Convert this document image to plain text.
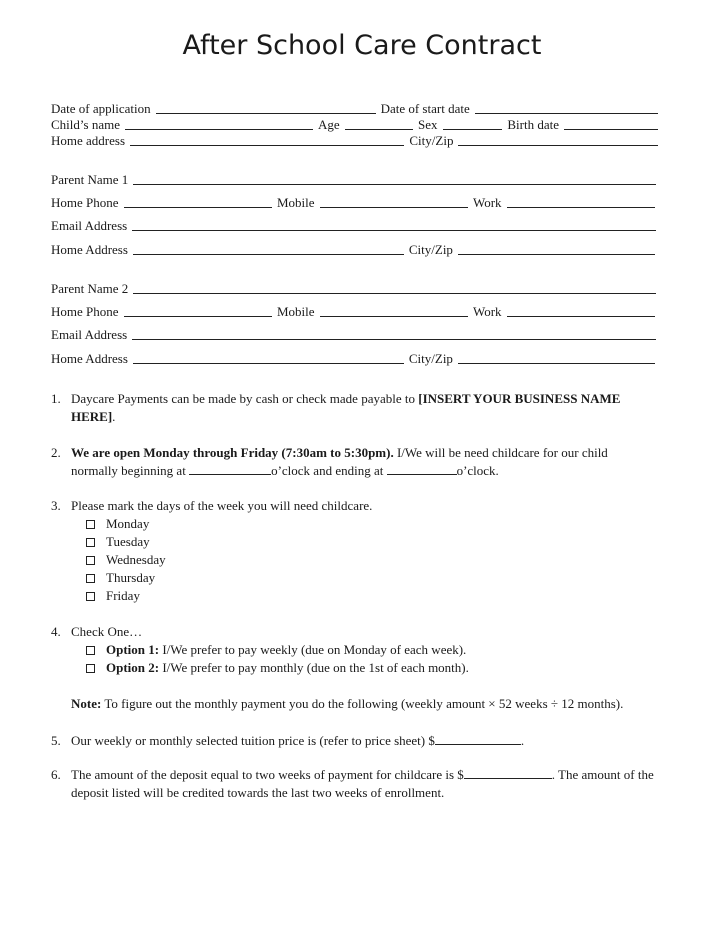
After School Care Contract
Date of application	Date of start date
Child’s name	Age	Sex	Birth date
Home address	City/Zip
Parent Name 1
Home Phone	Mobile	Work
Email Address
Home Address	City/Zip
Parent Name 2
Home Phone	Mobile	Work
Email Address
Home Address	City/Zip
1. Daycare Payments can be made by cash or check made payable to [INSERT YOUR BUSINESS NAME HERE].
2. We are open Monday through Friday (7:30am to 5:30pm). I/We will be need childcare for our child normally beginning at	o’clock and ending at	o’clock.
3. Please mark the days of the week you will need childcare.
Monday
Tuesday
Wednesday
Thursday
Friday
4. Check One…
Option 1: I/We prefer to pay weekly (due on Monday of each week).
Option 2: I/We prefer to pay monthly (due on the 1st of each month).
Note: To figure out the monthly payment you do the following (weekly amount × 52 weeks ÷ 12 months).
5. Our weekly or monthly selected tuition price is (refer to price sheet) $	.
6. The amount of the deposit equal to two weeks of payment for childcare is $	. The amount of the deposit listed will be credited towards the last two weeks of enrollment.
